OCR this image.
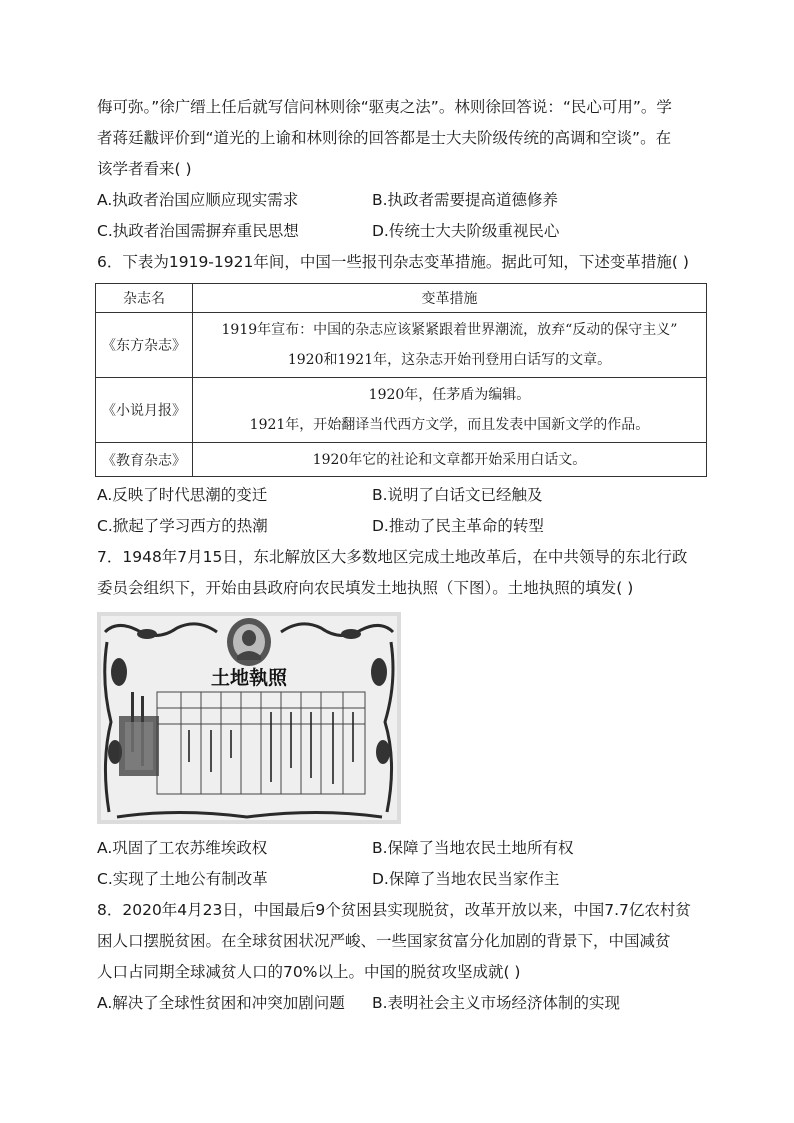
侮可弥。”徐广缙上任后就写信问林则徐“驱夷之法”。林则徐回答说：“民心可用”。学
者蒋廷黻评价到“道光的上谕和林则徐的回答都是士大夫阶级传统的高调和空谈”。在
该学者看来( )
A.执政者治国应顺应现实需求	B.执政者需要提高道德修养
C.执政者治国需摒弃重民思想	D.传统士大夫阶级重视民心
6．下表为1919-1921年间，中国一些报刊杂志变革措施。据此可知，下述变革措施( )
杂志名	变革措施
《东方杂志》	1919年宣布：中国的杂志应该紧紧跟着世界潮流，放弃“反动的保守主义”
1920和1921年，这杂志开始刊登用白话写的文章。

《小说月报》	1920年，任茅盾为编辑。
1921年，开始翻译当代西方文学，而且发表中国新文学的作品。

《教育杂志》	1920年它的社论和文章都开始采用白话文。
A.反映了时代思潮的变迁	B.说明了白话文已经触及
C.掀起了学习西方的热潮	D.推动了民主革命的转型
7．1948年7月15日，东北解放区大多数地区完成土地改革后，在中共领导的东北行政
委员会组织下，开始由县政府向农民填发土地执照（下图）。土地执照的填发( )
土地執照
A.巩固了工农苏维埃政权	B.保障了当地农民土地所有权
C.实现了土地公有制改革	D.保障了当地农民当家作主
8．2020年4月23日，中国最后9个贫困县实现脱贫，改革开放以来，中国7.7亿农村贫
困人口摆脱贫困。在全球贫困状况严峻、一些国家贫富分化加剧的背景下，中国减贫
人口占同期全球减贫人口的70%以上。中国的脱贫攻坚成就( )
A.解决了全球性贫困和冲突加剧问题 B.表明社会主义市场经济体制的实现
